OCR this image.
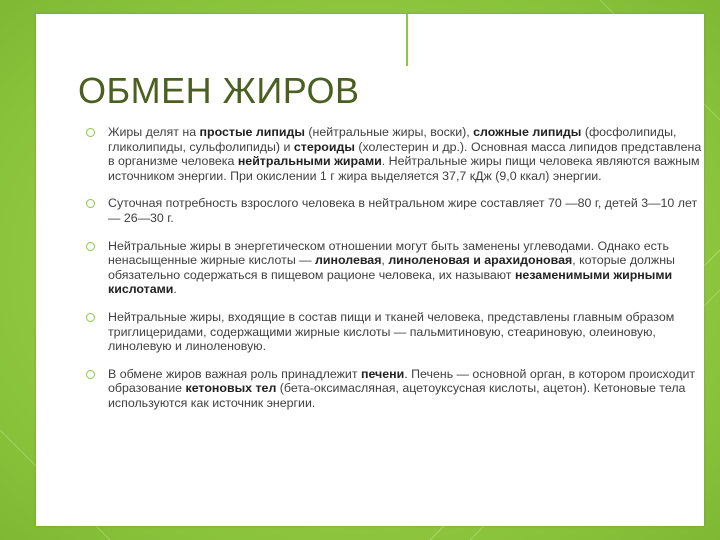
ОБМЕН ЖИРОВ
Жиры делят на простые липиды (нейтральные жиры, воски), сложные липиды (фосфолипиды, гликолипиды, сульфолипиды) и стероиды (холестерин и др.). Основная масса липидов представлена в организме человека нейтральными жирами. Нейтральные жиры пищи человека являются важным источником энергии. При окислении 1 г жира выделяется 37,7 кДж (9,0 ккал) энергии.
Суточная потребность взрослого человека в нейтральном жире составляет 70 —80 г, детей 3—10 лет — 26—30 г.
Нейтральные жиры в энергетическом отношении могут быть заменены углеводами. Однако есть ненасыщенные жирные кислоты — линолевая, линоленовая и арахидоновая, которые должны обязательно содержаться в пищевом рационе человека, их называют незаменимыми жирными кислотами.
Нейтральные жиры, входящие в состав пищи и тканей человека, представлены главным образом триглицеридами, содержащими жирные кислоты — пальмитиновую, стеариновую, олеиновую, линолевую и линоленовую.
В обмене жиров важная роль принадлежит печени. Печень — основной орган, в котором происходит образование кетоновых тел (бета-оксимасляная, ацетоуксусная кислоты, ацетон). Кетоновые тела используются как источник энергии.
